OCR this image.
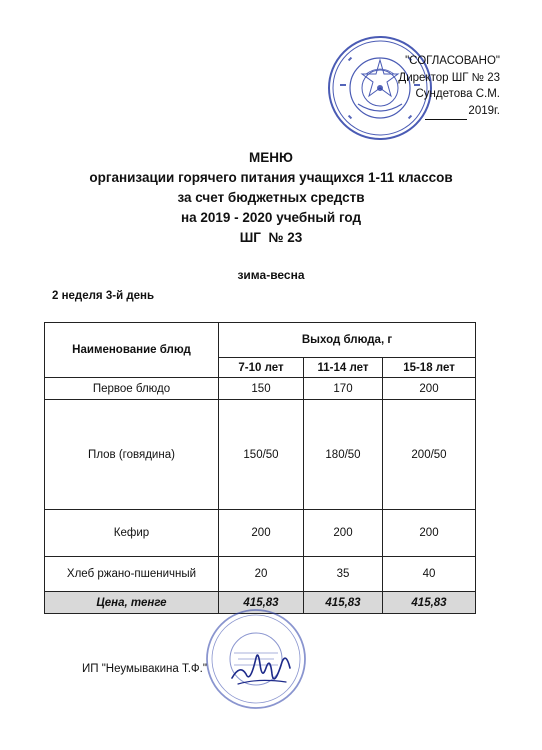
"СОГЛАСОВАНО"
Директор ШГ № 23
Сундетова С.М.
2019г.
МЕНЮ
организации горячего питания учащихся 1-11 классов
за счет бюджетных средств
на 2019 - 2020 учебный год
ШГ  № 23
зима-весна
2 неделя 3-й день
Наименование блюд	Выход блюда, г		
	7-10 лет	11-14 лет	15-18 лет
Первое блюдо	150	170	200
Плов (говядина)	150/50	180/50	200/50
Кефир	200	200	200
Хлеб ржано-пшеничный	20	35	40
Цена, тенге	415,83	415,83	415,83
ИП "Неумывакина Т.Ф."
